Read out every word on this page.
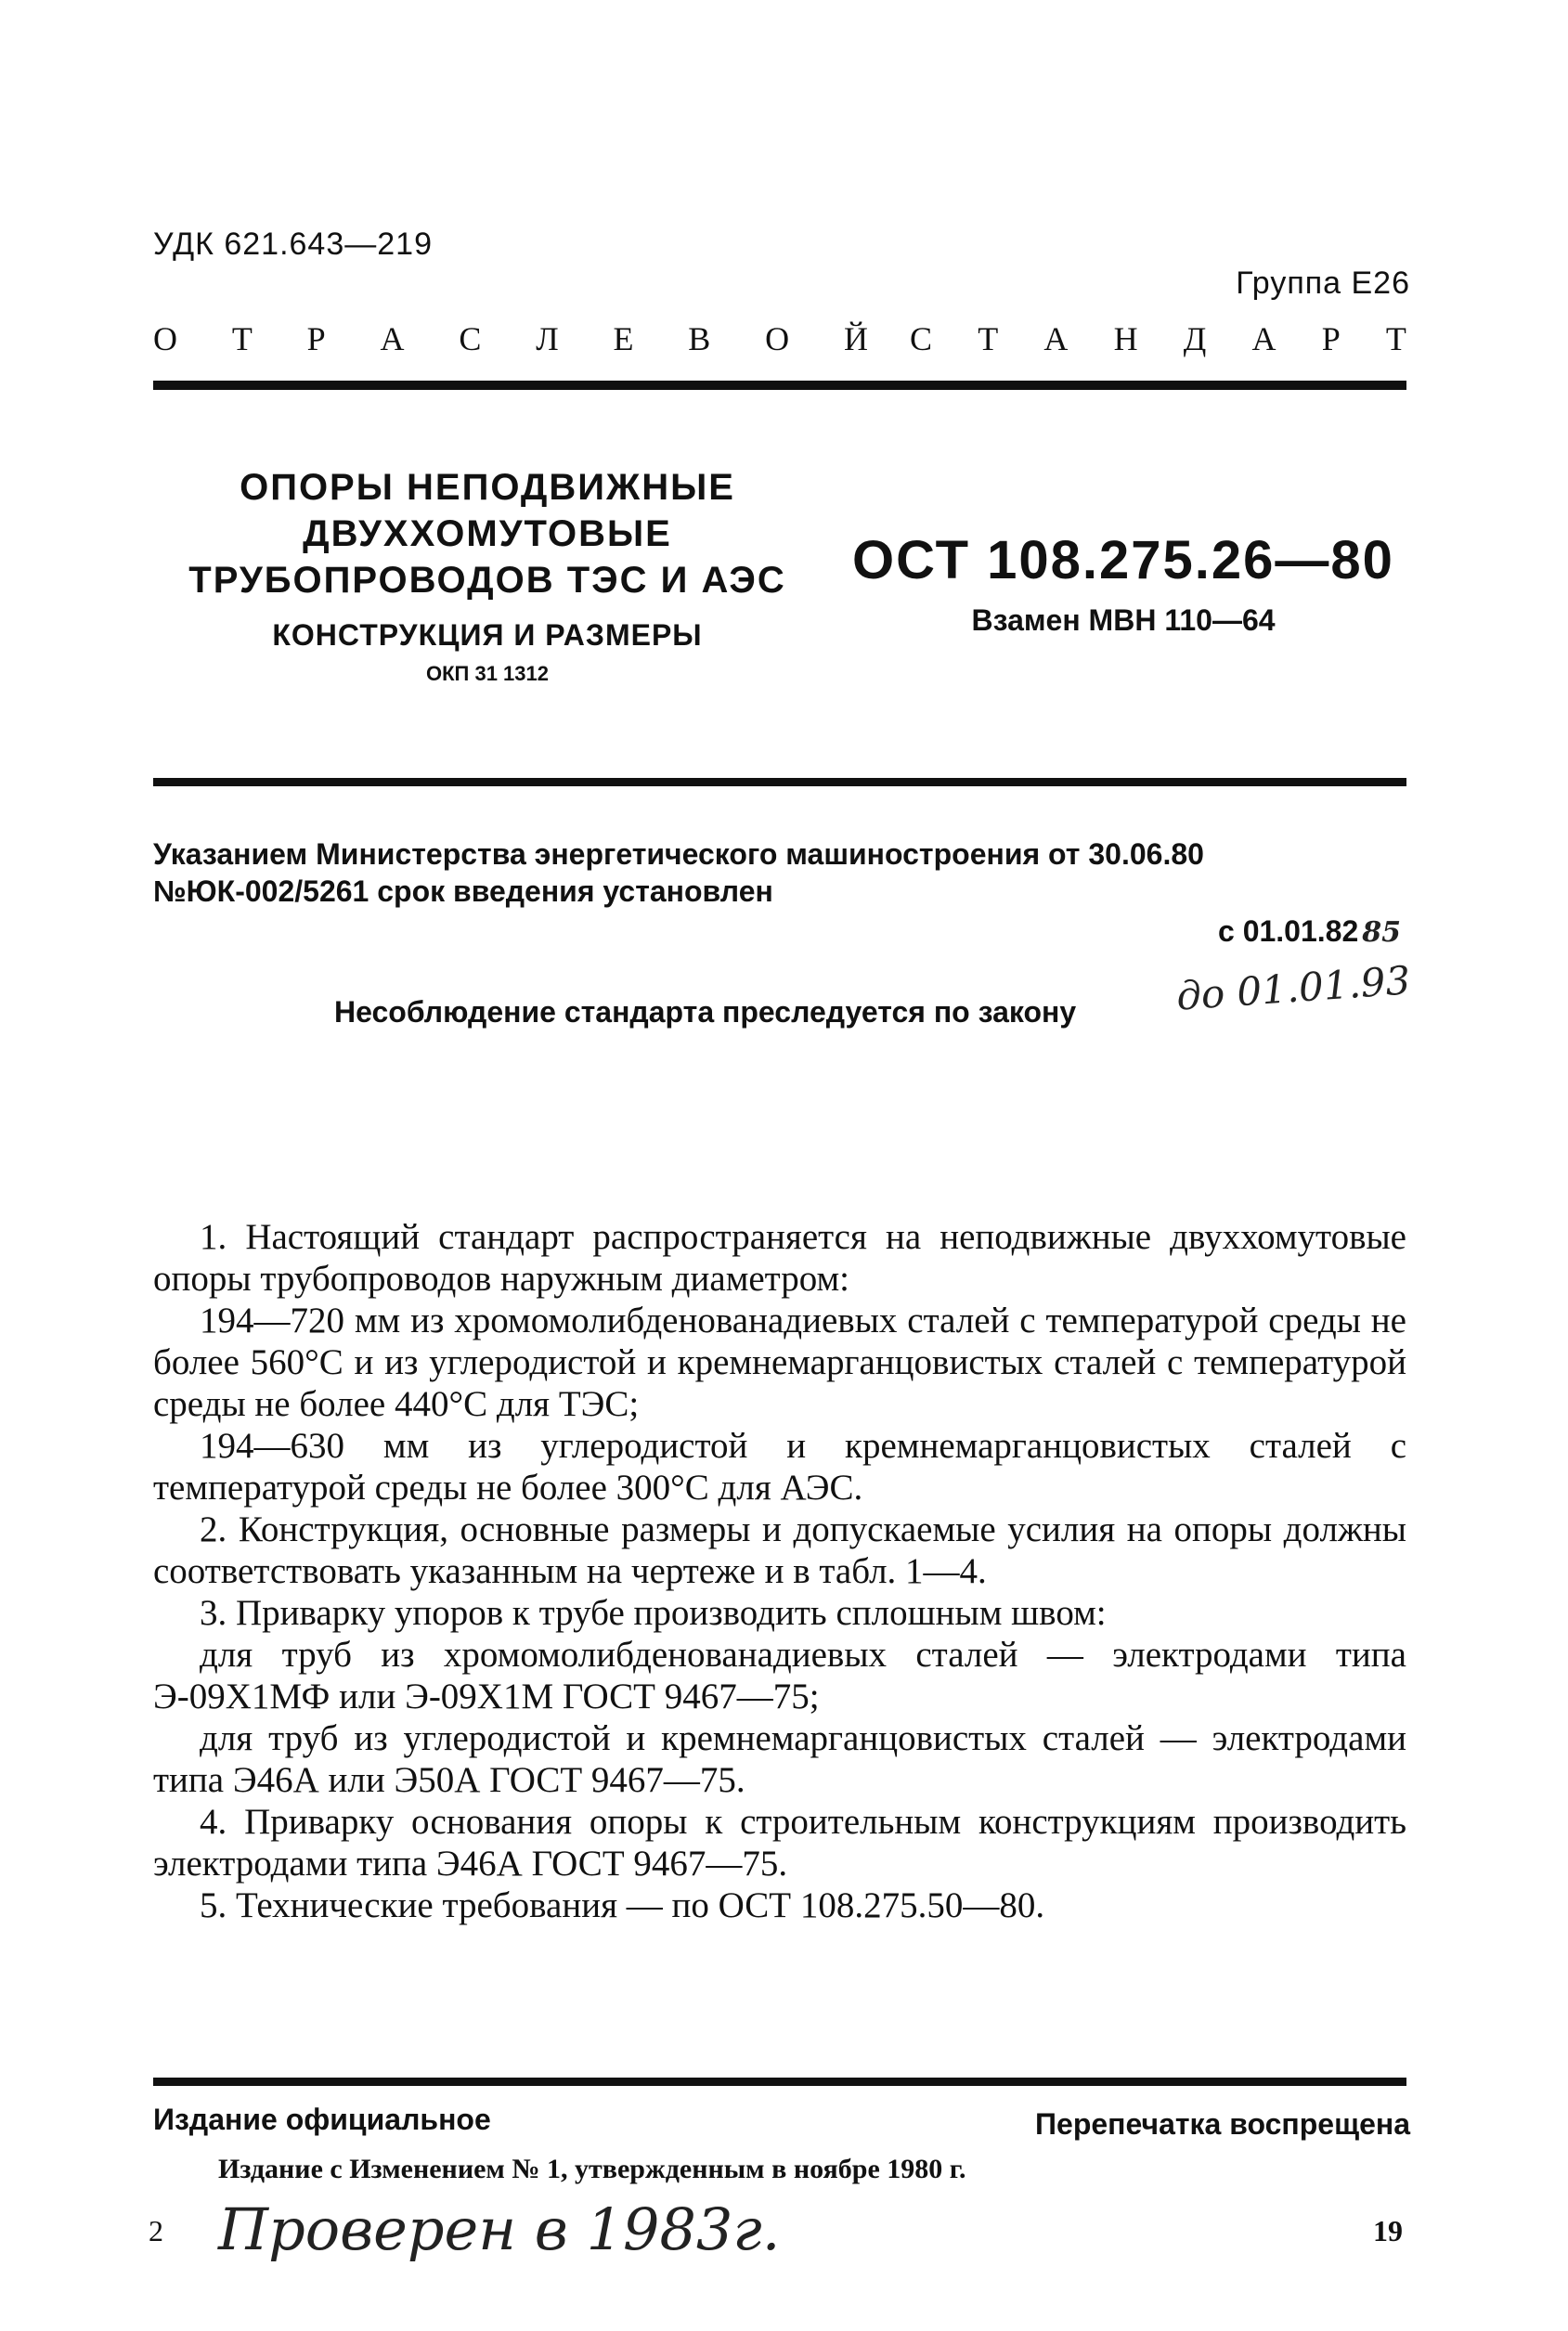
УДК 621.643—219
Группа Е26
О Т Р А С Л Е В О Й С Т А Н Д А Р Т
ОПОРЫ НЕПОДВИЖНЫЕ
ДВУХХОМУТОВЫЕ
ТРУБОПРОВОДОВ ТЭС И АЭС
КОНСТРУКЦИЯ И РАЗМЕРЫ
ОКП 31 1312
ОСТ 108.275.26—80
Взамен МВН 110—64
Указанием Министерства энергетического машиностроения от 30.06.80 №ЮК-002/5261 срок введения установлен
с 01.01.82 85
до 01.01.93
Несоблюдение стандарта преследуется по закону

1. Настоящий стандарт распространяется на неподвижные двуххомутовые опоры трубопроводов наружным диаметром:

194—720 мм из хромомолибденованадиевых сталей с температурой среды не более 560°С и из углеродистой и кремнемарганцовистых сталей с температурой среды не более 440°С для ТЭС;

194—630 мм из углеродистой и кремнемарганцовистых сталей с температурой среды не более 300°С для АЭС.

2. Конструкция, основные размеры и допускаемые усилия на опоры должны соответствовать указанным на чертеже и в табл. 1—4.

3. Приварку упоров к трубе производить сплошным швом:

для труб из хромомолибденованадиевых сталей — электродами типа Э-09Х1МФ или Э-09Х1М ГОСТ 9467—75;

для труб из углеродистой и кремнемарганцовистых сталей — электродами типа Э46А или Э50А ГОСТ 9467—75.

4. Приварку основания опоры к строительным конструкциям производить электродами типа Э46А ГОСТ 9467—75.

5. Технические требования — по ОСТ 108.275.50—80.

Издание официальное	Перепечатка воспрещена
Издание с Изменением № 1, утвержденным в ноябре 1980 г.
2 Проверен в 1983г.	19
